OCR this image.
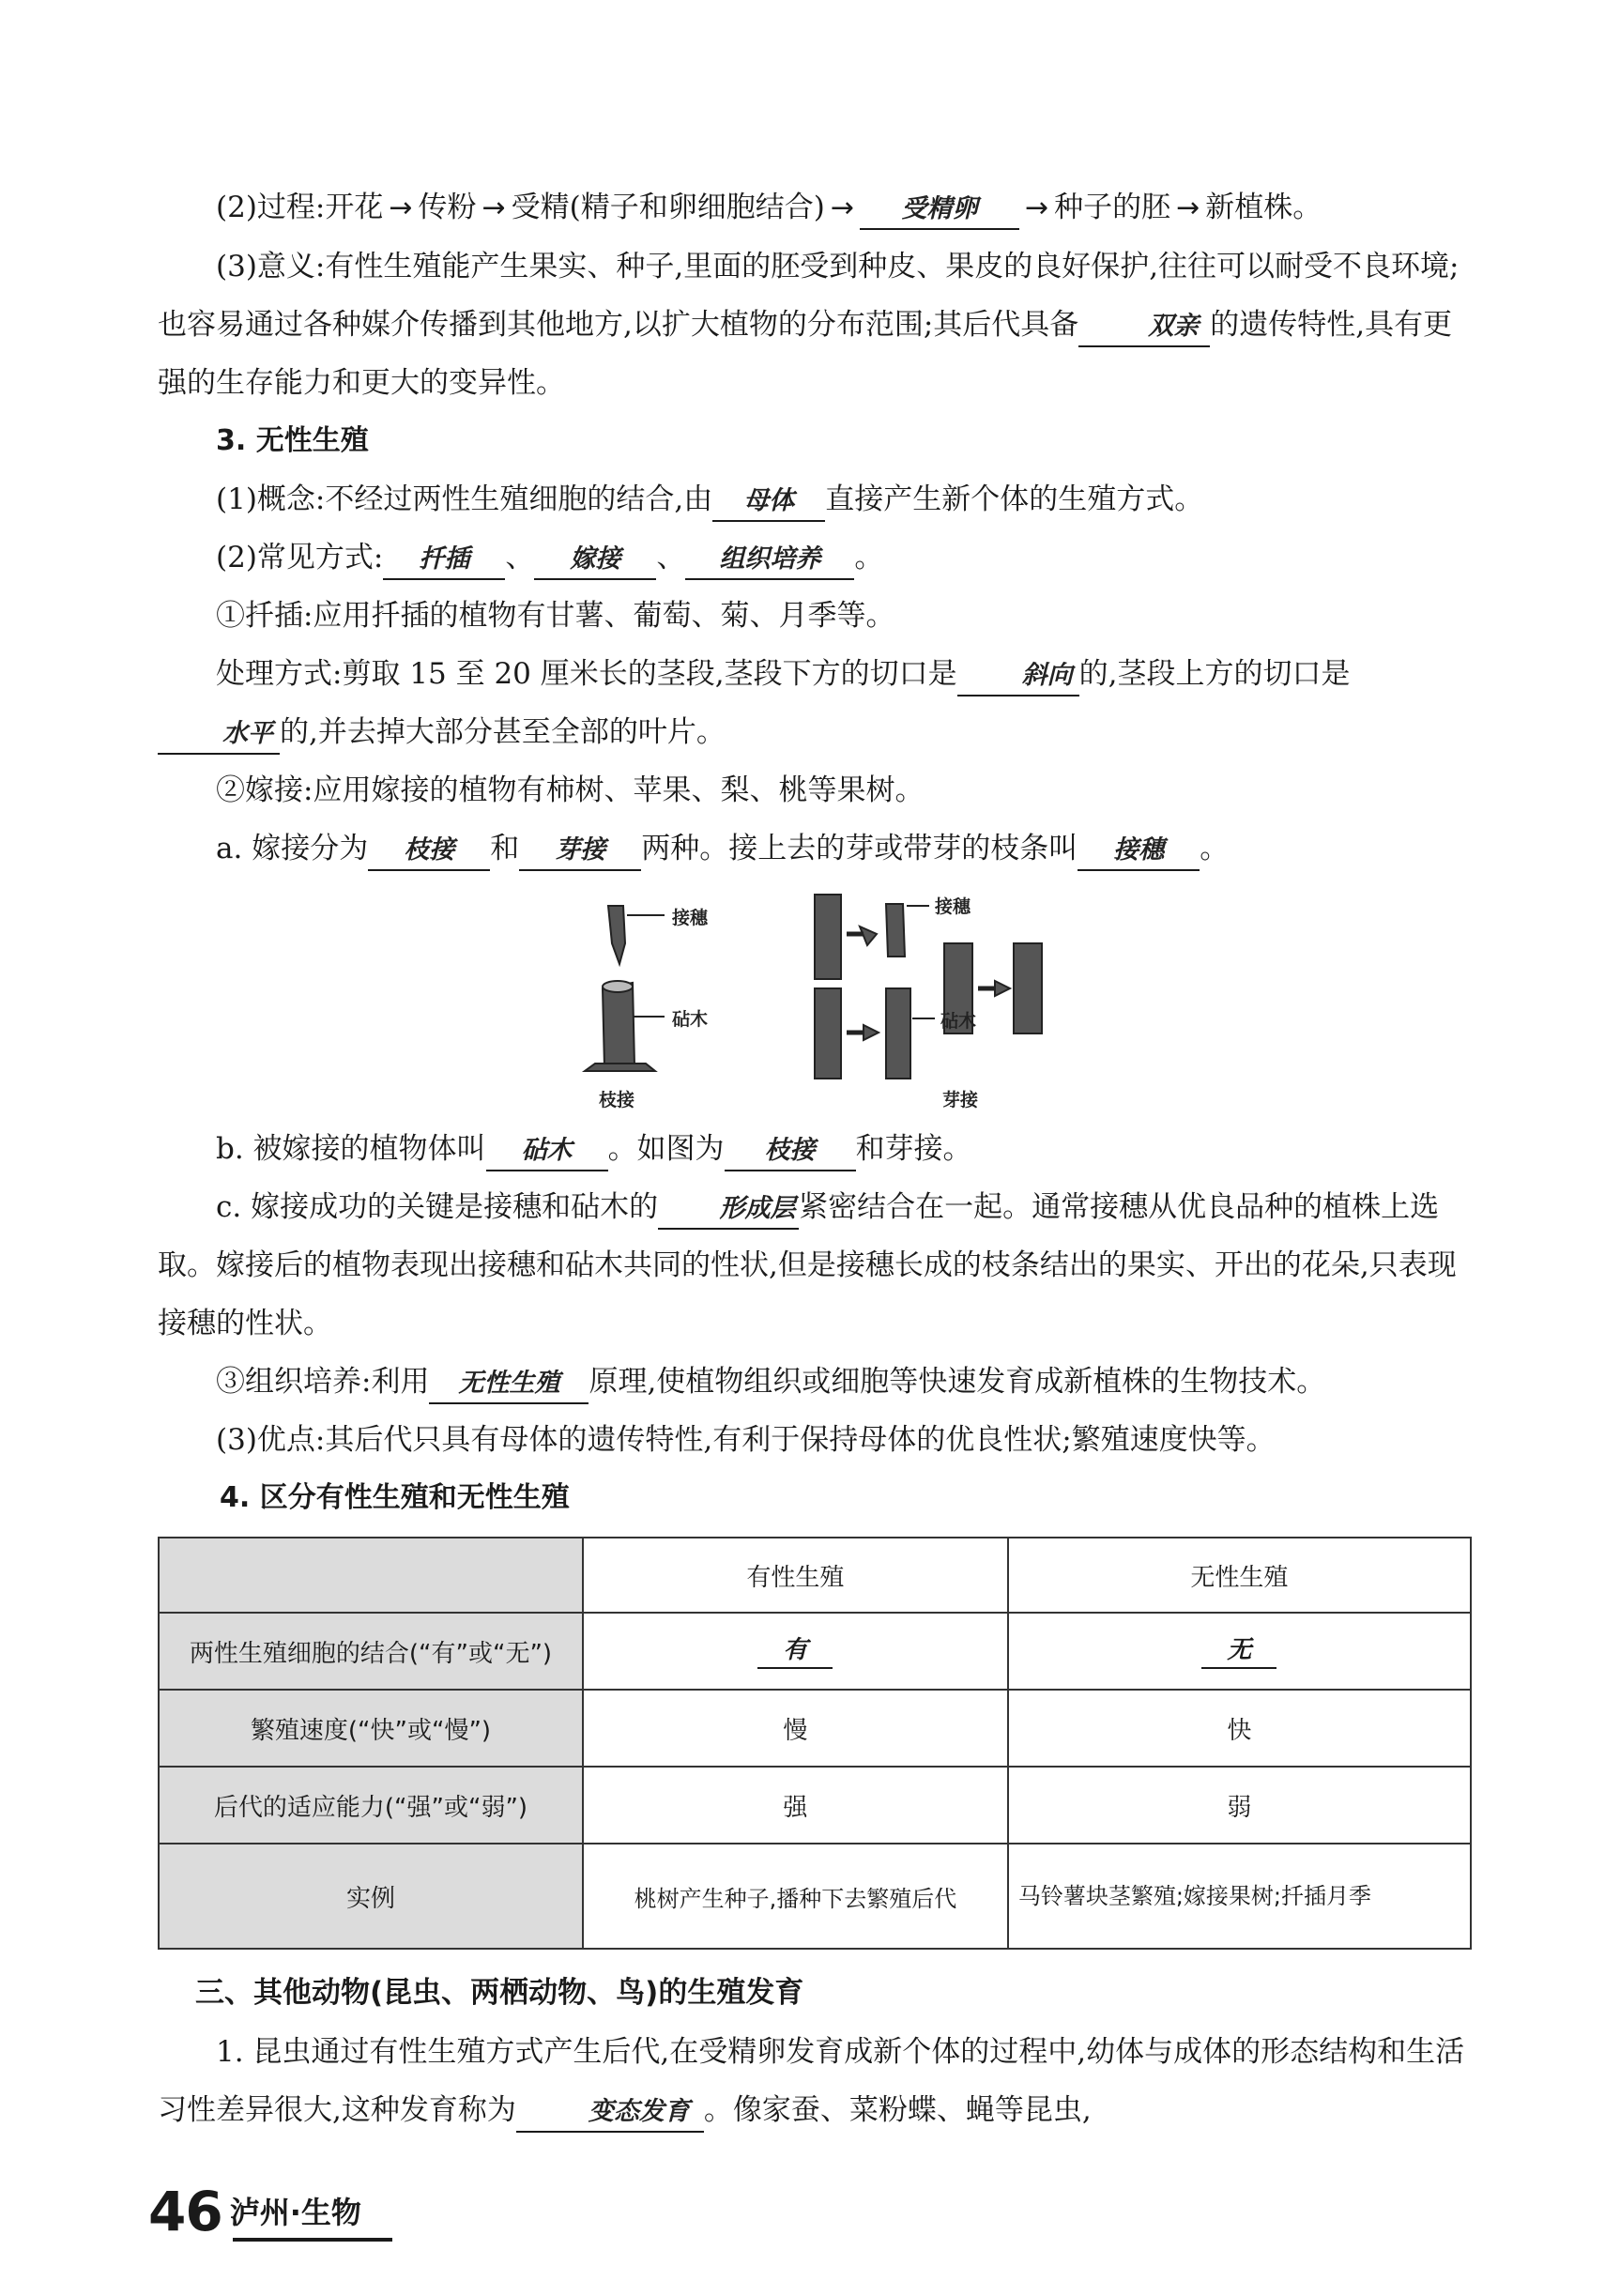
(2)过程:开花 → 传粉 → 受精(精子和卵细胞结合) → 受精卵 → 种子的胚 → 新植株。

(3)意义:有性生殖能产生果实、种子,里面的胚受到种皮、果皮的良好保护,往往可以耐受不良环境;也容易通过各种媒介传播到其他地方,以扩大植物的分布范围;其后代具备	双亲 的遗传特性,具有更强的生存能力和更大的变异性。

3. 无性生殖
(1)概念:不经过两性生殖细胞的结合,由 母体 直接产生新个体的生殖方式。
(2)常见方式: 扦插 、 嫁接 、 组织培养 。
①扦插:应用扦插的植物有甘薯、葡萄、菊、月季等。

处理方式:剪取 15 至 20 厘米长的茎段,茎段下方的切口是	斜向 的,茎段上方的切口是水平 的,并去掉大部分甚至全部的叶片。

②嫁接:应用嫁接的植物有柿树、苹果、梨、桃等果树。
a. 嫁接分为 枝接 和 芽接 两种。接上去的芽或带芽的枝条叫 接穗 。
接穗
砧木
枝接
接穗
砧木
芽接
b. 被嫁接的植物体叫 砧木 。如图为 枝接 和芽接。

c. 嫁接成功的关键是接穗和砧木的 形成层 紧密结合在一起。通常接穗从优良品种的植株上选取。嫁接后的植物表现出接穗和砧木共同的性状,但是接穗长成的枝条结出的果实、开出的花朵,只表现接穗的性状。

③组织培养:利用 无性生殖 原理,使植物组织或细胞等快速发育成新植株的生物技术。
(3)优点:其后代只具有母体的遗传特性,有利于保持母体的优良性状;繁殖速度快等。
4. 区分有性生殖和无性生殖
	有性生殖	无性生殖
两性生殖细胞的结合(“有”或“无”)	有	无
繁殖速度(“快”或“慢”)	慢	快
后代的适应能力(“强”或“弱”)	强	弱
实例	桃树产生种子,播种下去繁殖后代	马铃薯块茎繁殖;嫁接果树;扦插月季
三、其他动物(昆虫、两栖动物、鸟)的生殖发育

1. 昆虫通过有性生殖方式产生后代,在受精卵发育成新个体的过程中,幼体与成体的形态结构和生活习性差异很大,这种发育称为	变态发育 。像家蚕、菜粉蝶、蝇等昆虫,

46 泸州·生物
